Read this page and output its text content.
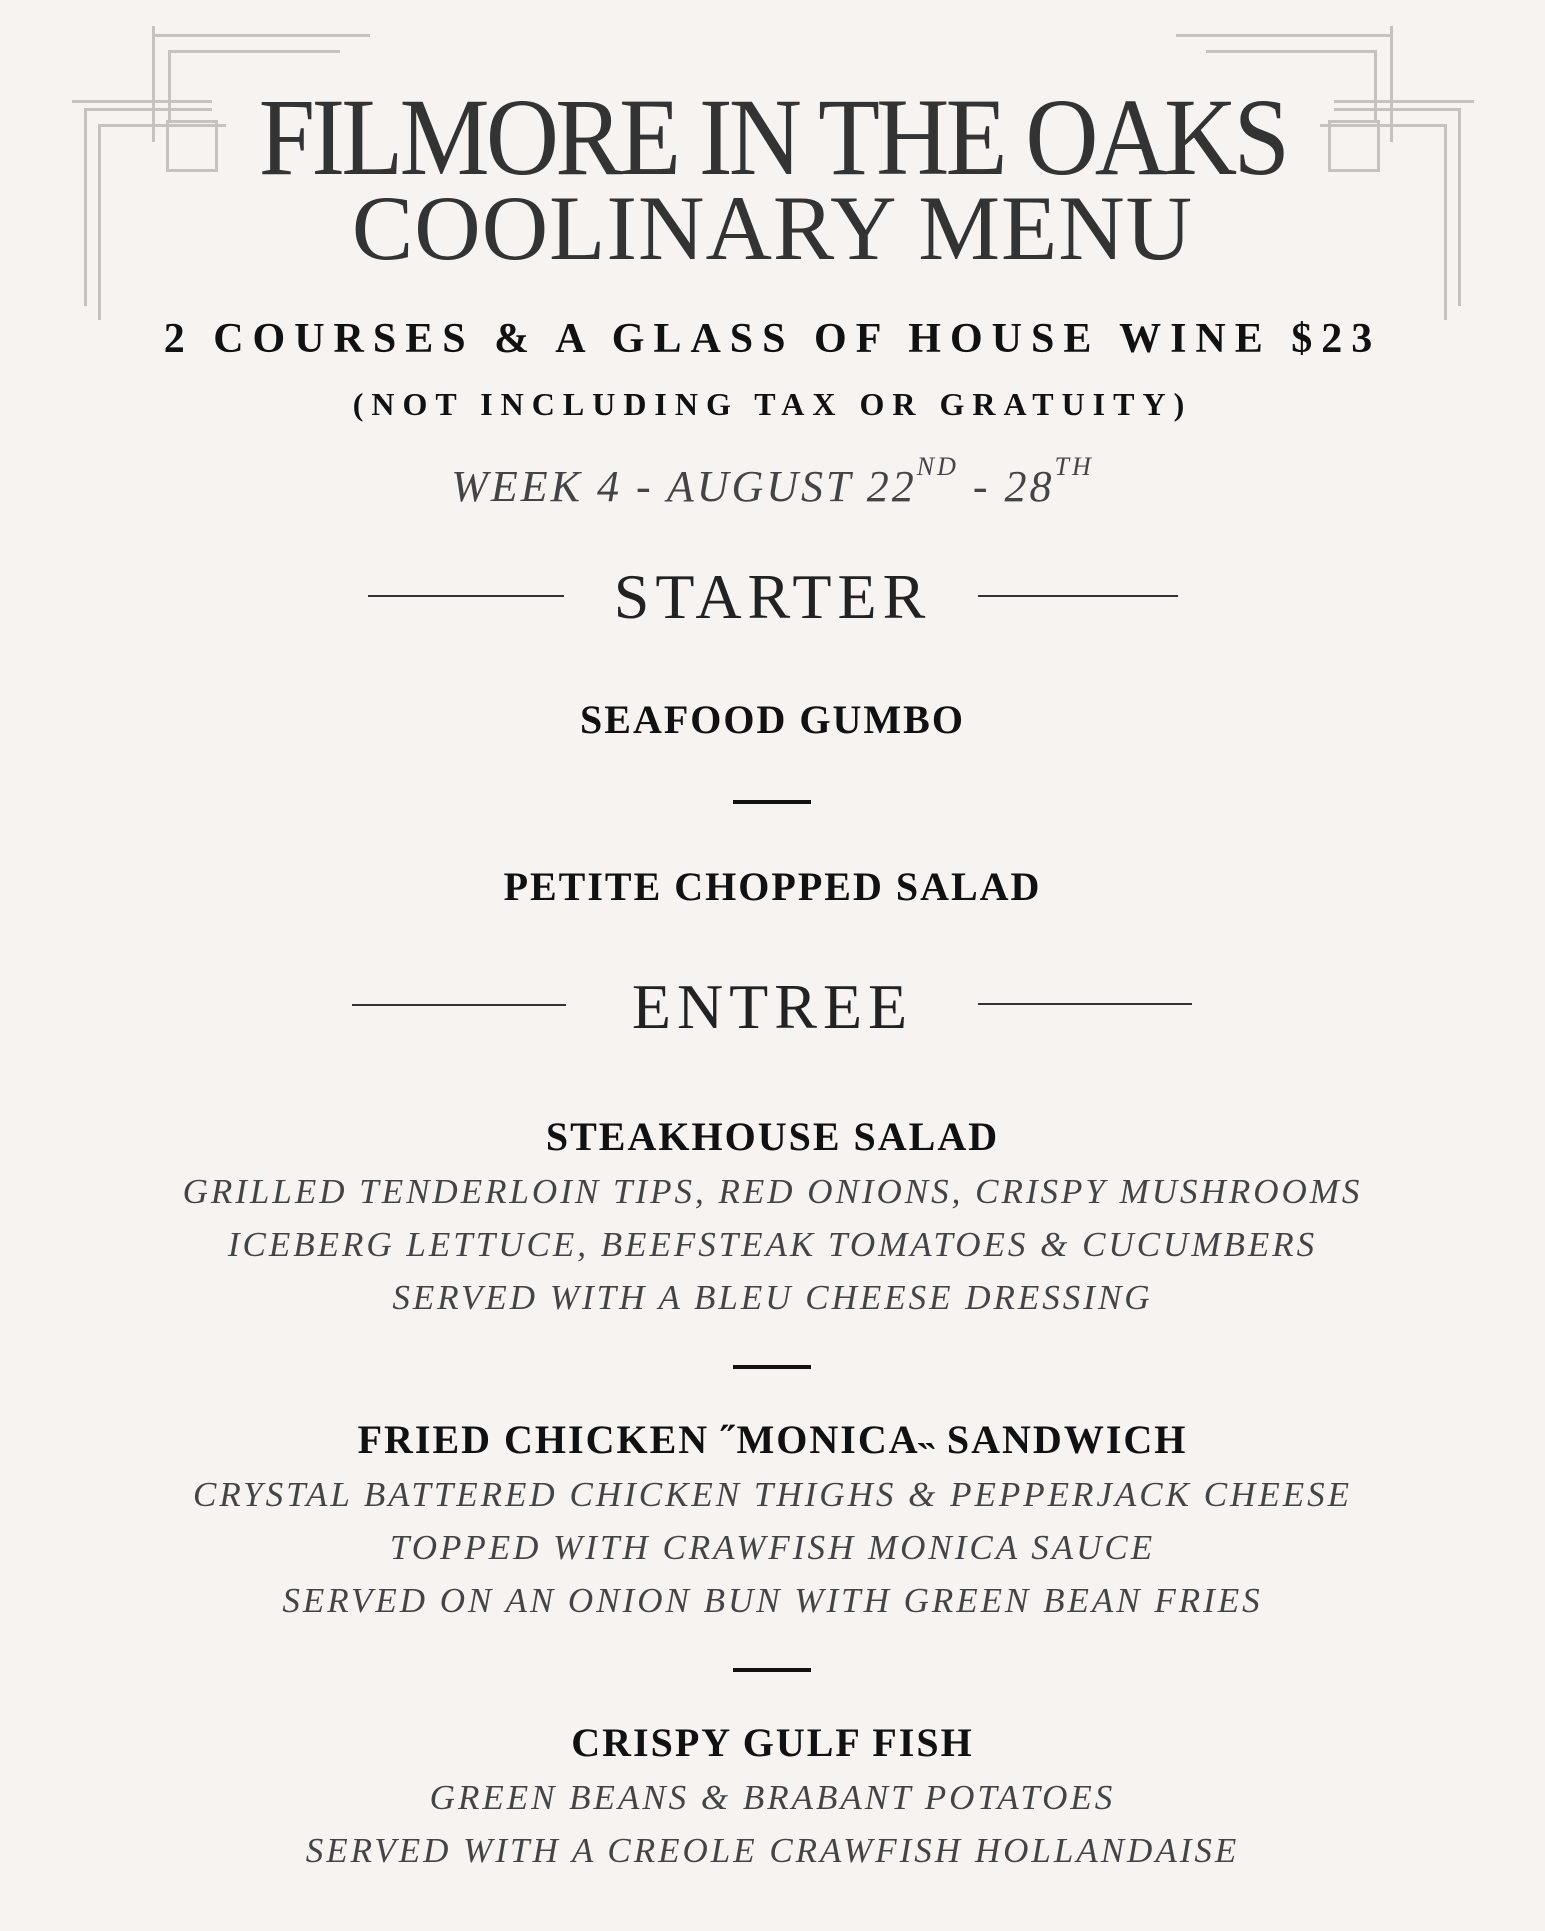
FILMORE IN THE OAKS
COOLINARY MENU
2 COURSES & A GLASS OF HOUSE WINE $23
(NOT INCLUDING TAX OR GRATUITY)
WEEK 4 - AUGUST 22ND - 28TH
STARTER
SEAFOOD GUMBO
PETITE CHOPPED SALAD
ENTREE
STEAKHOUSE SALAD
GRILLED TENDERLOIN TIPS, RED ONIONS, CRISPY MUSHROOMS
ICEBERG LETTUCE, BEEFSTEAK TOMATOES & CUCUMBERS
SERVED WITH A BLEU CHEESE DRESSING
FRIED CHICKEN ˝MONICA˵ SANDWICH
CRYSTAL BATTERED CHICKEN THIGHS & PEPPERJACK CHEESE
TOPPED WITH CRAWFISH MONICA SAUCE
SERVED ON AN ONION BUN WITH GREEN BEAN FRIES
CRISPY GULF FISH
GREEN BEANS & BRABANT POTATOES
SERVED WITH A CREOLE CRAWFISH HOLLANDAISE
